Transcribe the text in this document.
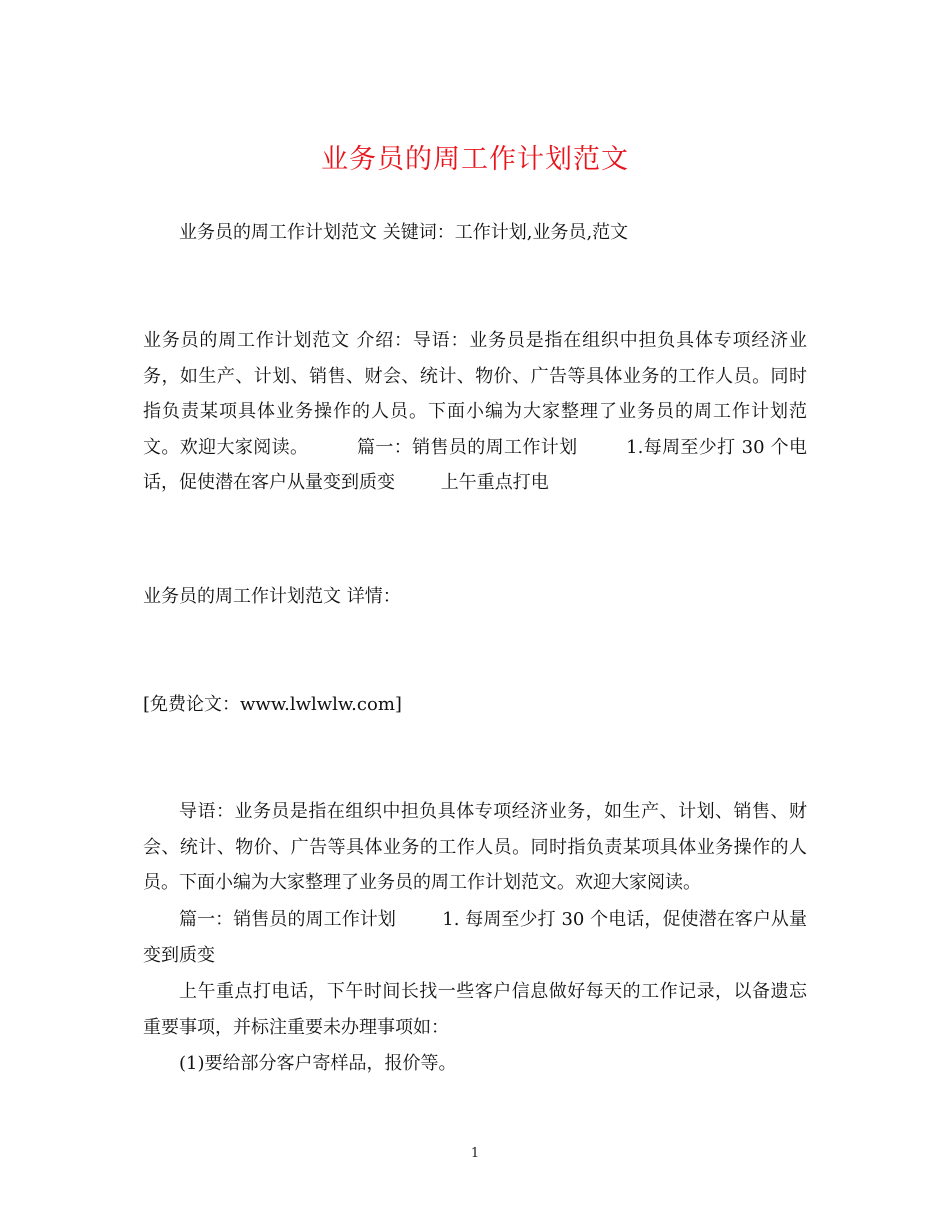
业务员的周工作计划范文
业务员的周工作计划范文 关键词：工作计划,业务员,范文
业务员的周工作计划范文 介绍：导语：业务员是指在组织中担负具体专项经济业务，如生产、计划、销售、财会、统计、物价、广告等具体业务的工作人员。同时指负责某项具体业务操作的人员。下面小编为大家整理了业务员的周工作计划范文。欢迎大家阅读。        篇一：销售员的周工作计划        1.每周至少打 30 个电话，促使潜在客户从量变到质变        上午重点打电
业务员的周工作计划范文 详情：
[免费论文：www.lwlwlw.com]
导语：业务员是指在组织中担负具体专项经济业务，如生产、计划、销售、财会、统计、物价、广告等具体业务的工作人员。同时指负责某项具体业务操作的人员。下面小编为大家整理了业务员的周工作计划范文。欢迎大家阅读。
篇一：销售员的周工作计划        1. 每周至少打 30 个电话，促使潜在客户从量变到质变
上午重点打电话，下午时间长找一些客户信息做好每天的工作记录，以备遗忘重要事项，并标注重要未办理事项如：
(1)要给部分客户寄样品，报价等。
1
